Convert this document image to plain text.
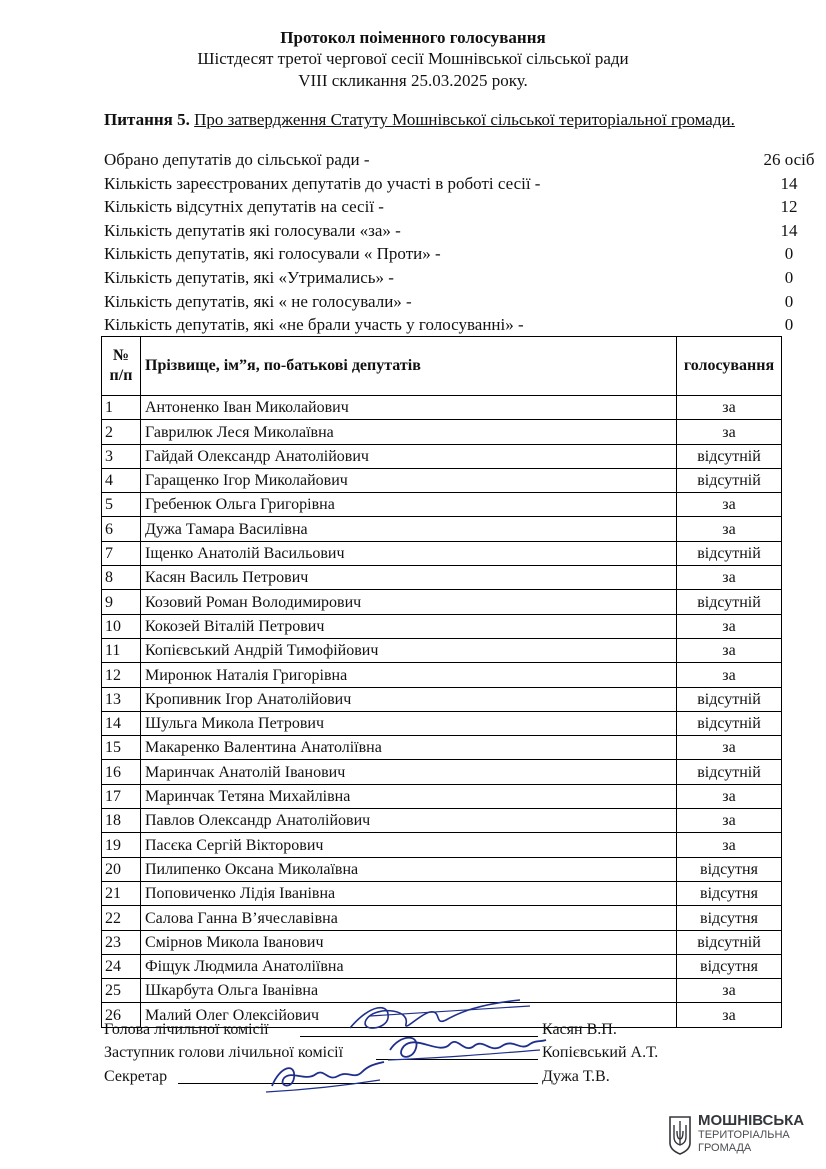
Протокол поіменного голосування
Шістдесят третої чергової сесії Мошнівської сільської ради
VIII скликання 25.03.2025 року.
Питання 5. Про затвердження Статуту Мошнівської сільської територіальної громади.
Обрано депутатів до сільської ради -	26 осіб
Кількість зареєстрованих депутатів до участі в роботі сесії -	14
Кількість відсутніх депутатів на сесії -	12
Кількість депутатів які голосували «за» -	14
Кількість депутатів, які голосували « Проти» -	0
Кількість депутатів, які «Утримались» -	0
Кількість депутатів, які « не голосували» -	0
Кількість депутатів, які «не брали участь у голосуванні» -	0
№
п/п	Прізвище, ім”я, по-батькові депутатів	голосування
1	Антоненко Іван Миколайович	за
2	Гаврилюк Леся Миколаївна	за
3	Гайдай Олександр Анатолійович	відсутній
4	Гаращенко Ігор Миколайович	відсутній
5	Гребенюк Ольга Григорівна	за
6	Дужа Тамара Василівна	за
7	Іщенко Анатолій Васильович	відсутній
8	Касян Василь Петрович	за
9	Козовий Роман Володимирович	відсутній
10	Кокозей Віталій Петрович	за
11	Копієвський Андрій Тимофійович	за
12	Миронюк Наталія Григорівна	за
13	Кропивник Ігор Анатолійович	відсутній
14	Шульга Микола Петрович	відсутній
15	Макаренко Валентина Анатоліївна	за
16	Маринчак Анатолій Іванович	відсутній
17	Маринчак Тетяна Михайлівна	за
18	Павлов Олександр Анатолійович	за
19	Пасєка Сергій Вікторович	за
20	Пилипенко Оксана Миколаївна	відсутня
21	Поповиченко Лідія Іванівна	відсутня
22	Салова Ганна В’ячеславівна	відсутня
23	Смірнов Микола Іванович	відсутній
24	Фіщук Людмила Анатоліївна	відсутня
25	Шкарбута Ольга Іванівна	за
26	Малий Олег Олексійович	за
Голова лічильної комісії	Касян В.П.
Заступник голови лічильної комісії	Копієвський А.Т.
Секретар	Дужа Т.В.
МОШНІВСЬКА
ТЕРИТОРІАЛЬНА
ГРОМАДА
